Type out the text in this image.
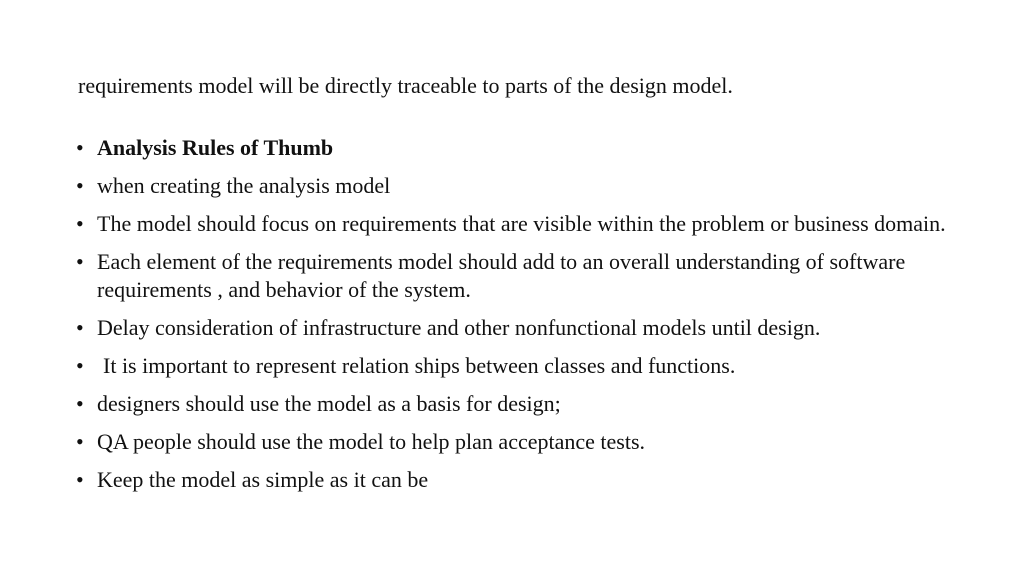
requirements model will be directly traceable to parts of the design model.
• Analysis Rules of Thumb
• when creating the analysis model
• The model should focus on requirements that are visible within the problem or business domain.
• Each element of the requirements model should add to an overall understanding of software requirements , and behavior of the system.
• Delay consideration of infrastructure and other nonfunctional models until design.
• It is important to represent relation ships between classes and functions.
• designers should use the model as a basis for design;
• QA people should use the model to help plan acceptance tests.
• Keep the model as simple as it can be
